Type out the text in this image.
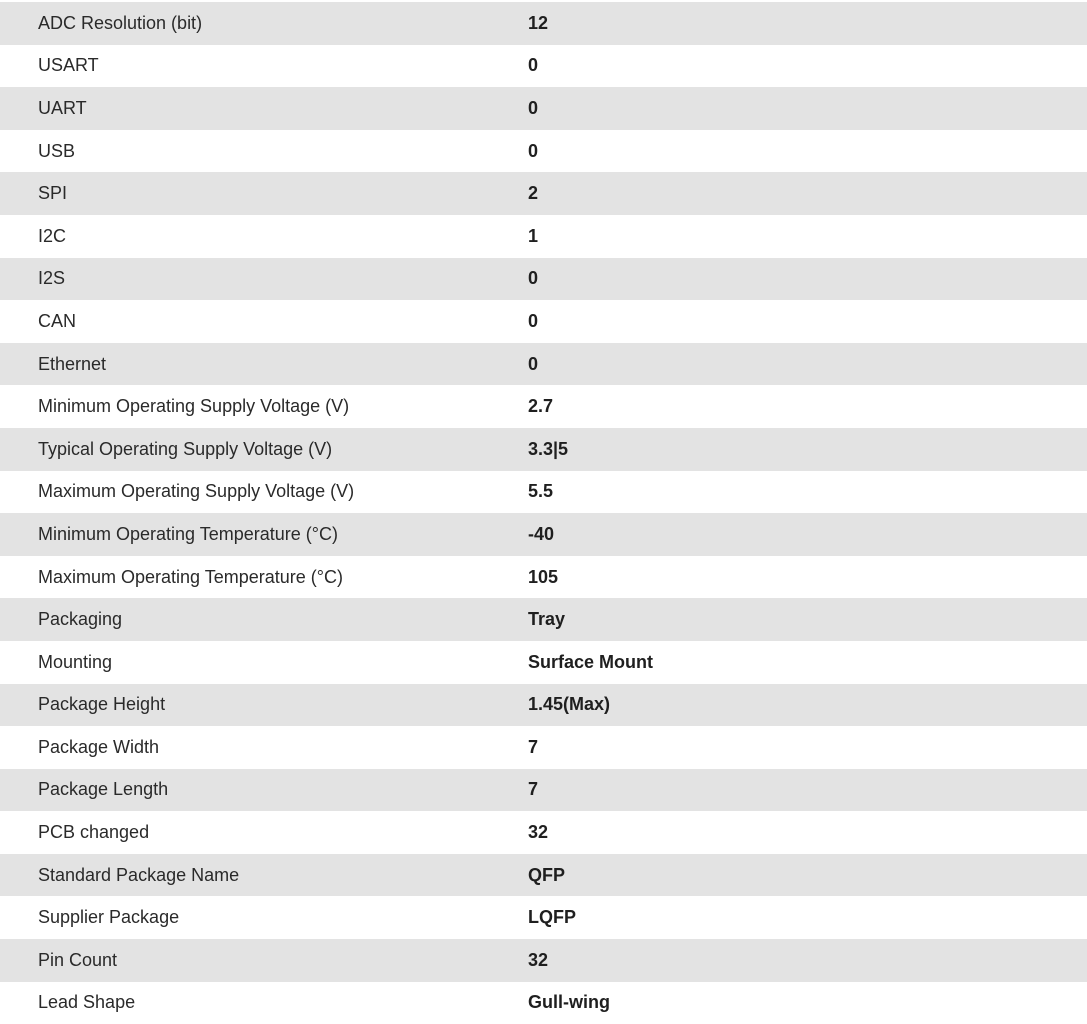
ADC Resolution (bit)	12
USART	0
UART	0
USB	0
SPI	2
I2C	1
I2S	0
CAN	0
Ethernet	0
Minimum Operating Supply Voltage (V)	2.7
Typical Operating Supply Voltage (V)	3.3|5
Maximum Operating Supply Voltage (V)	5.5
Minimum Operating Temperature (°C)	-40
Maximum Operating Temperature (°C)	105
Packaging	Tray
Mounting	Surface Mount
Package Height	1.45(Max)
Package Width	7
Package Length	7
PCB changed	32
Standard Package Name	QFP
Supplier Package	LQFP
Pin Count	32
Lead Shape	Gull-wing
